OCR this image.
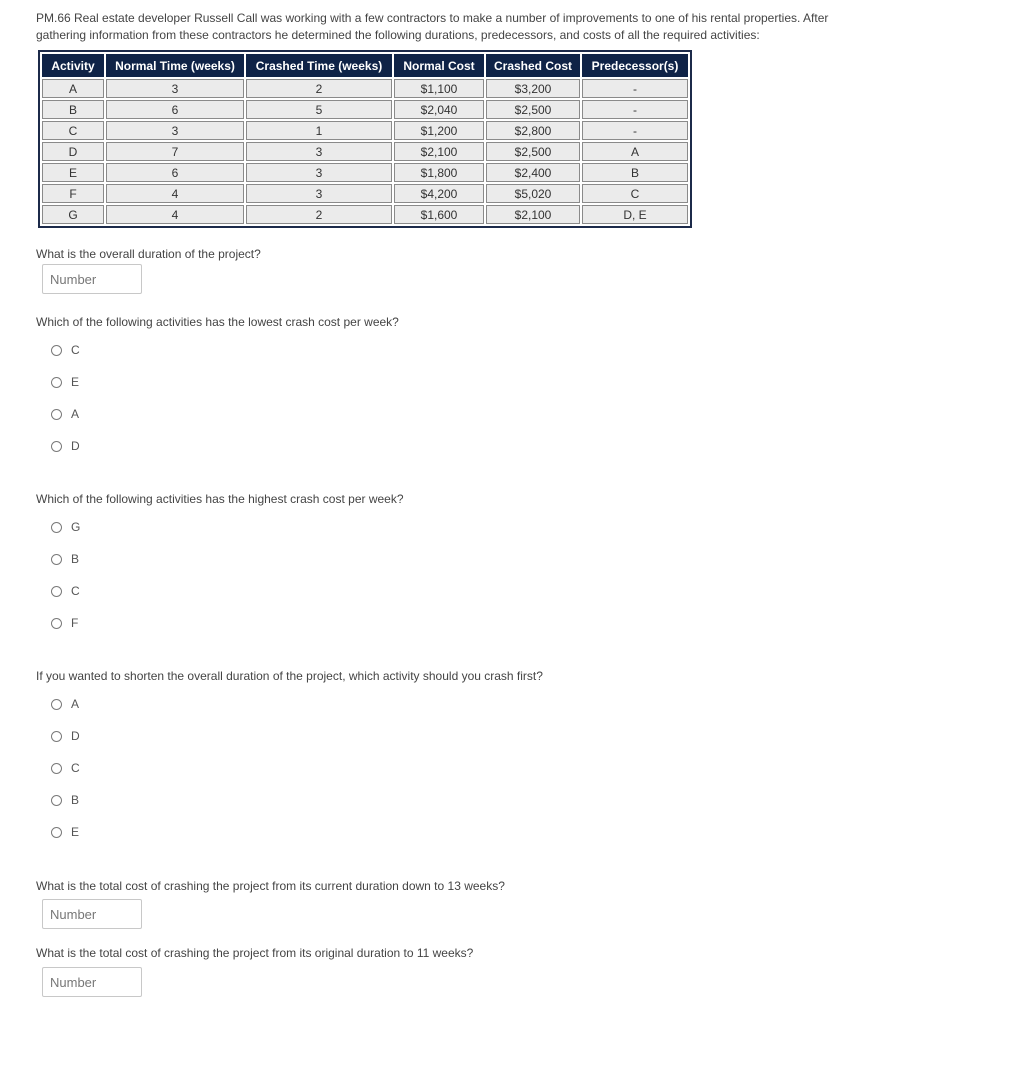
PM.66 Real estate developer Russell Call was working with a few contractors to make a number of improvements to one of his rental properties. After gathering information from these contractors he determined the following durations, predecessors, and costs of all the required activities:
Activity	Normal Time (weeks)	Crashed Time (weeks)	Normal Cost	Crashed Cost	Predecessor(s)
A	3	2	$1,100	$3,200	-
B	6	5	$2,040	$2,500	-
C	3	1	$1,200	$2,800	-
D	7	3	$2,100	$2,500	A
E	6	3	$1,800	$2,400	B
F	4	3	$4,200	$5,020	C
G	4	2	$1,600	$2,100	D, E
What is the overall duration of the project?
Number
Which of the following activities has the lowest crash cost per week?
C
E
A
D
Which of the following activities has the highest crash cost per week?
G
B
C
F
If you wanted to shorten the overall duration of the project, which activity should you crash first?
A
D
C
B
E
What is the total cost of crashing the project from its current duration down to 13 weeks?
Number
What is the total cost of crashing the project from its original duration to 11 weeks?
Number
